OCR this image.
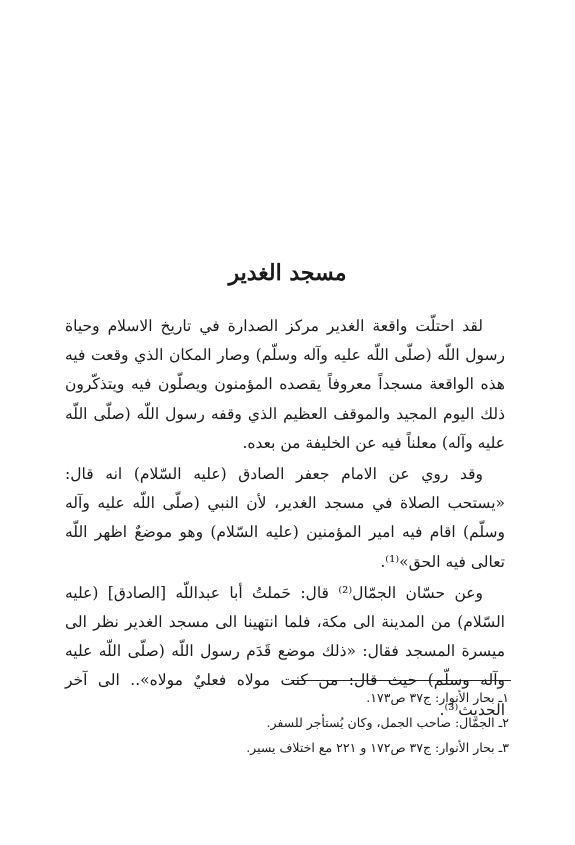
مسجد الغدير

لقد احتلّت واقعة الغدير مركز الصدارة في تاريخ الاسلام وحياة رسول اللّه (صلّى اللّه عليه وآله وسلّم) وصار المكان الذي وقعت فيه هذه الواقعة مسجداً معروفاً يقصده المؤمنون ويصلّون فيه ويتذكّرون ذلك اليوم المجيد والموقف العظيم الذي وقفه رسول اللّه (صلّى اللّه عليه وآله) معلناً فيه عن الخليفة من بعده.

وقد روي عن الامام جعفر الصادق (عليه السّلام) انه قال: «يستحب الصلاة في مسجد الغدير، لأن النبي (صلّى اللّه عليه وآله وسلّم) اقام فيه امير المؤمنين (عليه السّلام) وهو موضعٌ اظهر اللّه تعالى فيه الحق»⁽¹⁾.

وعن حسّان الجمّال⁽²⁾ قال: حَملتُ أبا عبداللّه [الصادق] (عليه السّلام) من المدينة الى مكة، فلما انتهينا الى مسجد الغدير نظر الى ميسرة المسجد فقال: «ذلك موضع قَدَم رسول اللّه (صلّى اللّه عليه وآله وسلّم) حيث قال: من كنت مولاه فعليٌ مولاه».. الى آخر الحديث⁽³⁾.

١ـ بحار الأنوار: ج٣٧ ص١٧٣.
٢ـ الجمّال: صاحب الجمل، وكان يُستأجر للسفر.
٣ـ بحار الأنوار: ج٣٧ ص١٧٢ و ٢٢١ مع اختلاف يسير.
